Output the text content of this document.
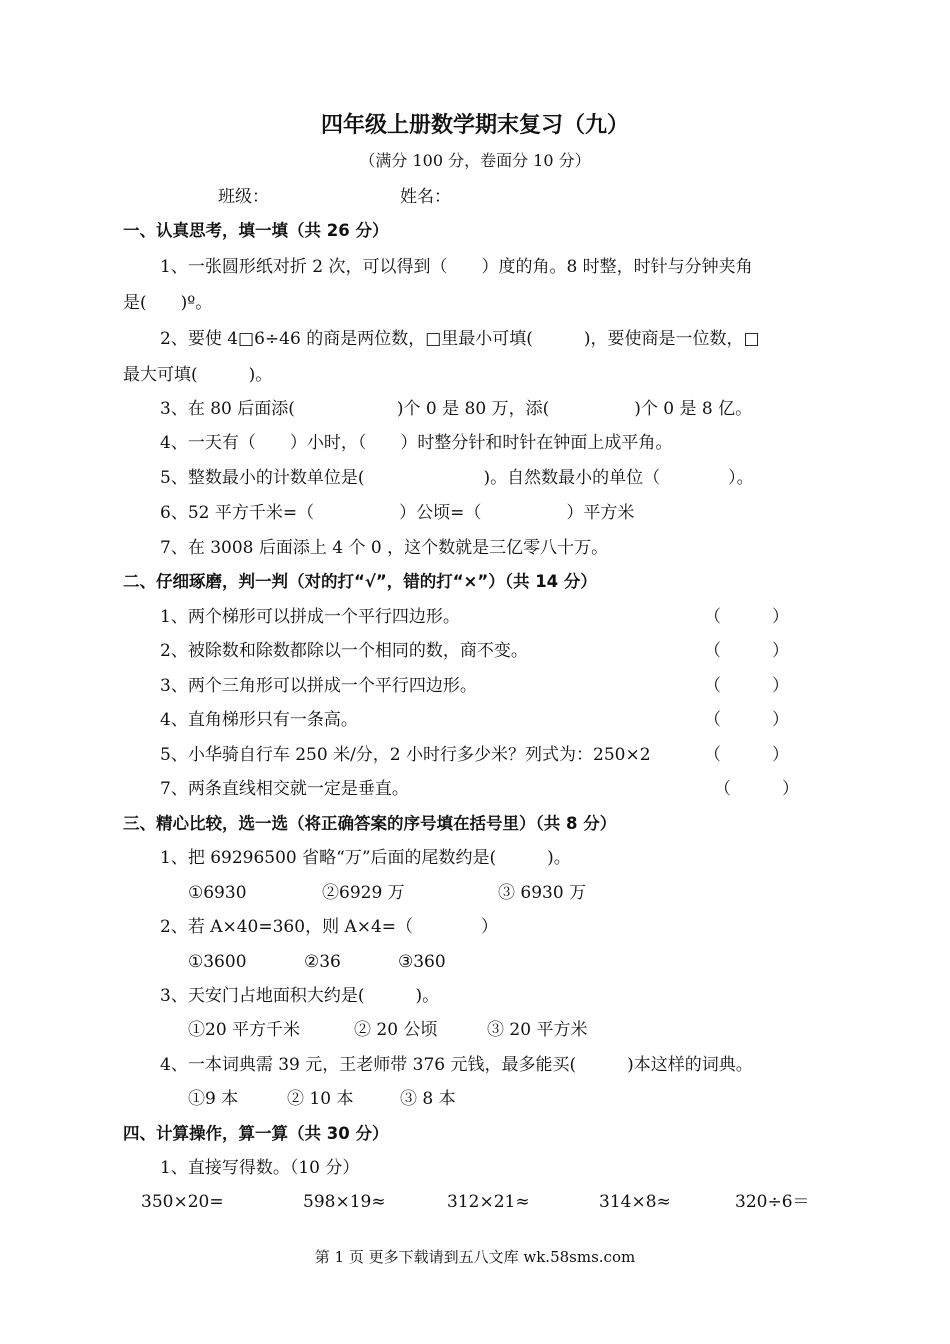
四年级上册数学期末复习（九）
（满分 100 分，卷面分 10 分）
班级：	姓名：
一、认真思考，填一填（共 26 分）
1、一张圆形纸对折 2 次，可以得到（　　）度的角。8 时整，时针与分钟夹角
是(　　)º。
2、要使 4□6÷46 的商是两位数，□里最小可填(　　　)，要使商是一位数，□
最大可填(　　　)。
3、在 80 后面添(　　　　　　)个 0 是 80 万，添(　　　　　)个 0 是 8 亿。
4、一天有（　　）小时，（　　）时整分针和时针在钟面上成平角。
5、整数最小的计数单位是(　　　　　　　)。自然数最小的单位（　　　　）。
6、52 平方千米=（　　　　　）公顷=（　　　　　）平方米
7、在 3008 后面添上 4 个 0 ，这个数就是三亿零八十万。
二、仔细琢磨，判一判（对的打“√”，错的打“×”）（共 14 分）
1、两个梯形可以拼成一个平行四边形。	（　　　）
2、被除数和除数都除以一个相同的数，商不变。	（　　　）
3、两个三角形可以拼成一个平行四边形。	（　　　）
4、直角梯形只有一条高。	（　　　）
5、小华骑自行车 250 米/分，2 小时行多少米？列式为：250×2	（　　　）
7、两条直线相交就一定是垂直。	（　　　）
三、精心比较，选一选（将正确答案的序号填在括号里）（共 8 分）
1、把 69296500 省略“万”后面的尾数约是(　　　)。
①6930	②6929 万	③ 6930 万
2、若 A×40=360，则 A×4=（　　　　）
①3600	②36	③360
3、天安门占地面积大约是(　　　)。
①20 平方千米	② 20 公顷	③ 20 平方米
4、一本词典需 39 元，王老师带 376 元钱，最多能买(　　　)本这样的词典。
①9 本	② 10 本	③ 8 本
四、计算操作，算一算（共 30 分）
1、直接写得数。（10 分）
350×20=	598×19≈	312×21≈	314×8≈	320÷6＝
第 1 页 更多下载请到五八文库 wk.58sms.com
